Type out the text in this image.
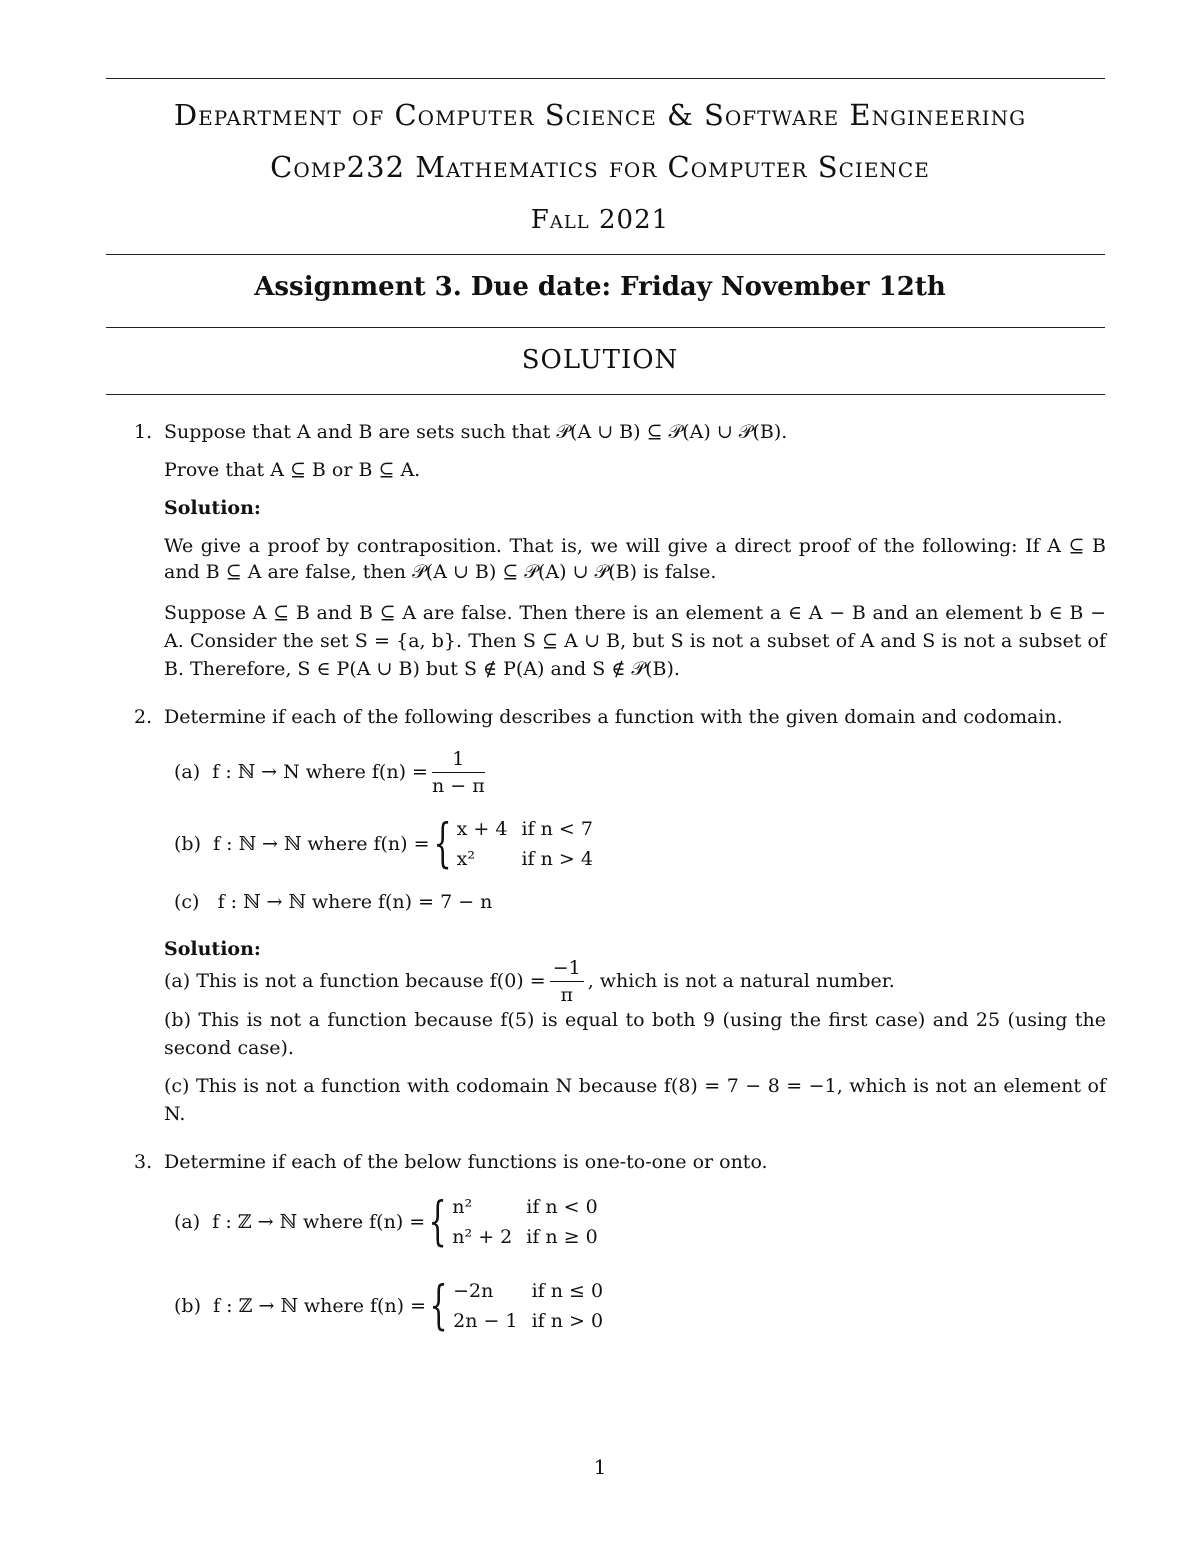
Department of Computer Science & Software Engineering
Comp232 Mathematics for Computer Science
Fall 2021
Assignment 3. Due date: Friday November 12th
SOLUTION
1. Suppose that A and B are sets such that 𝒫(A ∪ B) ⊆ 𝒫(A) ∪ 𝒫(B).
Prove that A ⊆ B or B ⊆ A.
Solution:
We give a proof by contraposition. That is, we will give a direct proof of the following: If A ⊆ B and B ⊆ A are false, then 𝒫(A ∪ B) ⊆ 𝒫(A) ∪ 𝒫(B) is false.
Suppose A ⊆ B and B ⊆ A are false. Then there is an element a ∈ A − B and an element b ∈ B − A. Consider the set S = {a, b}. Then S ⊆ A ∪ B, but S is not a subset of A and S is not a subset of B. Therefore, S ∈ P(A ∪ B) but S ∉ P(A) and S ∉ 𝒫(B).
2. Determine if each of the following describes a function with the given domain and codomain.
(a)
f : ℕ → N where $f(n) = \frac{1}{n - \pi}$
(b)
f : ℕ → ℕ where f(n) = { x + 4	if n < 7
x²	if n > 4
(c) f : ℕ → ℕ where f(n) = 7 − n
Solution:
(a) This is not a function because $f(0) = \frac{-1}{\pi}$ , which is not a natural number.
(b) This is not a function because f(5) is equal to both 9 (using the first case) and 25 (using the second case).
(c) This is not a function with codomain N because f(8) = 7 − 8 = −1, which is not an element of N.
3. Determine if each of the below functions is one-to-one or onto.
(a)
f : ℤ → ℕ where f(n) = { n²	if n < 0
n² + 2	if n ≥ 0
(b)
f : ℤ → ℕ where f(n) = { −2n	if n ≤ 0
2n − 1	if n > 0
1
